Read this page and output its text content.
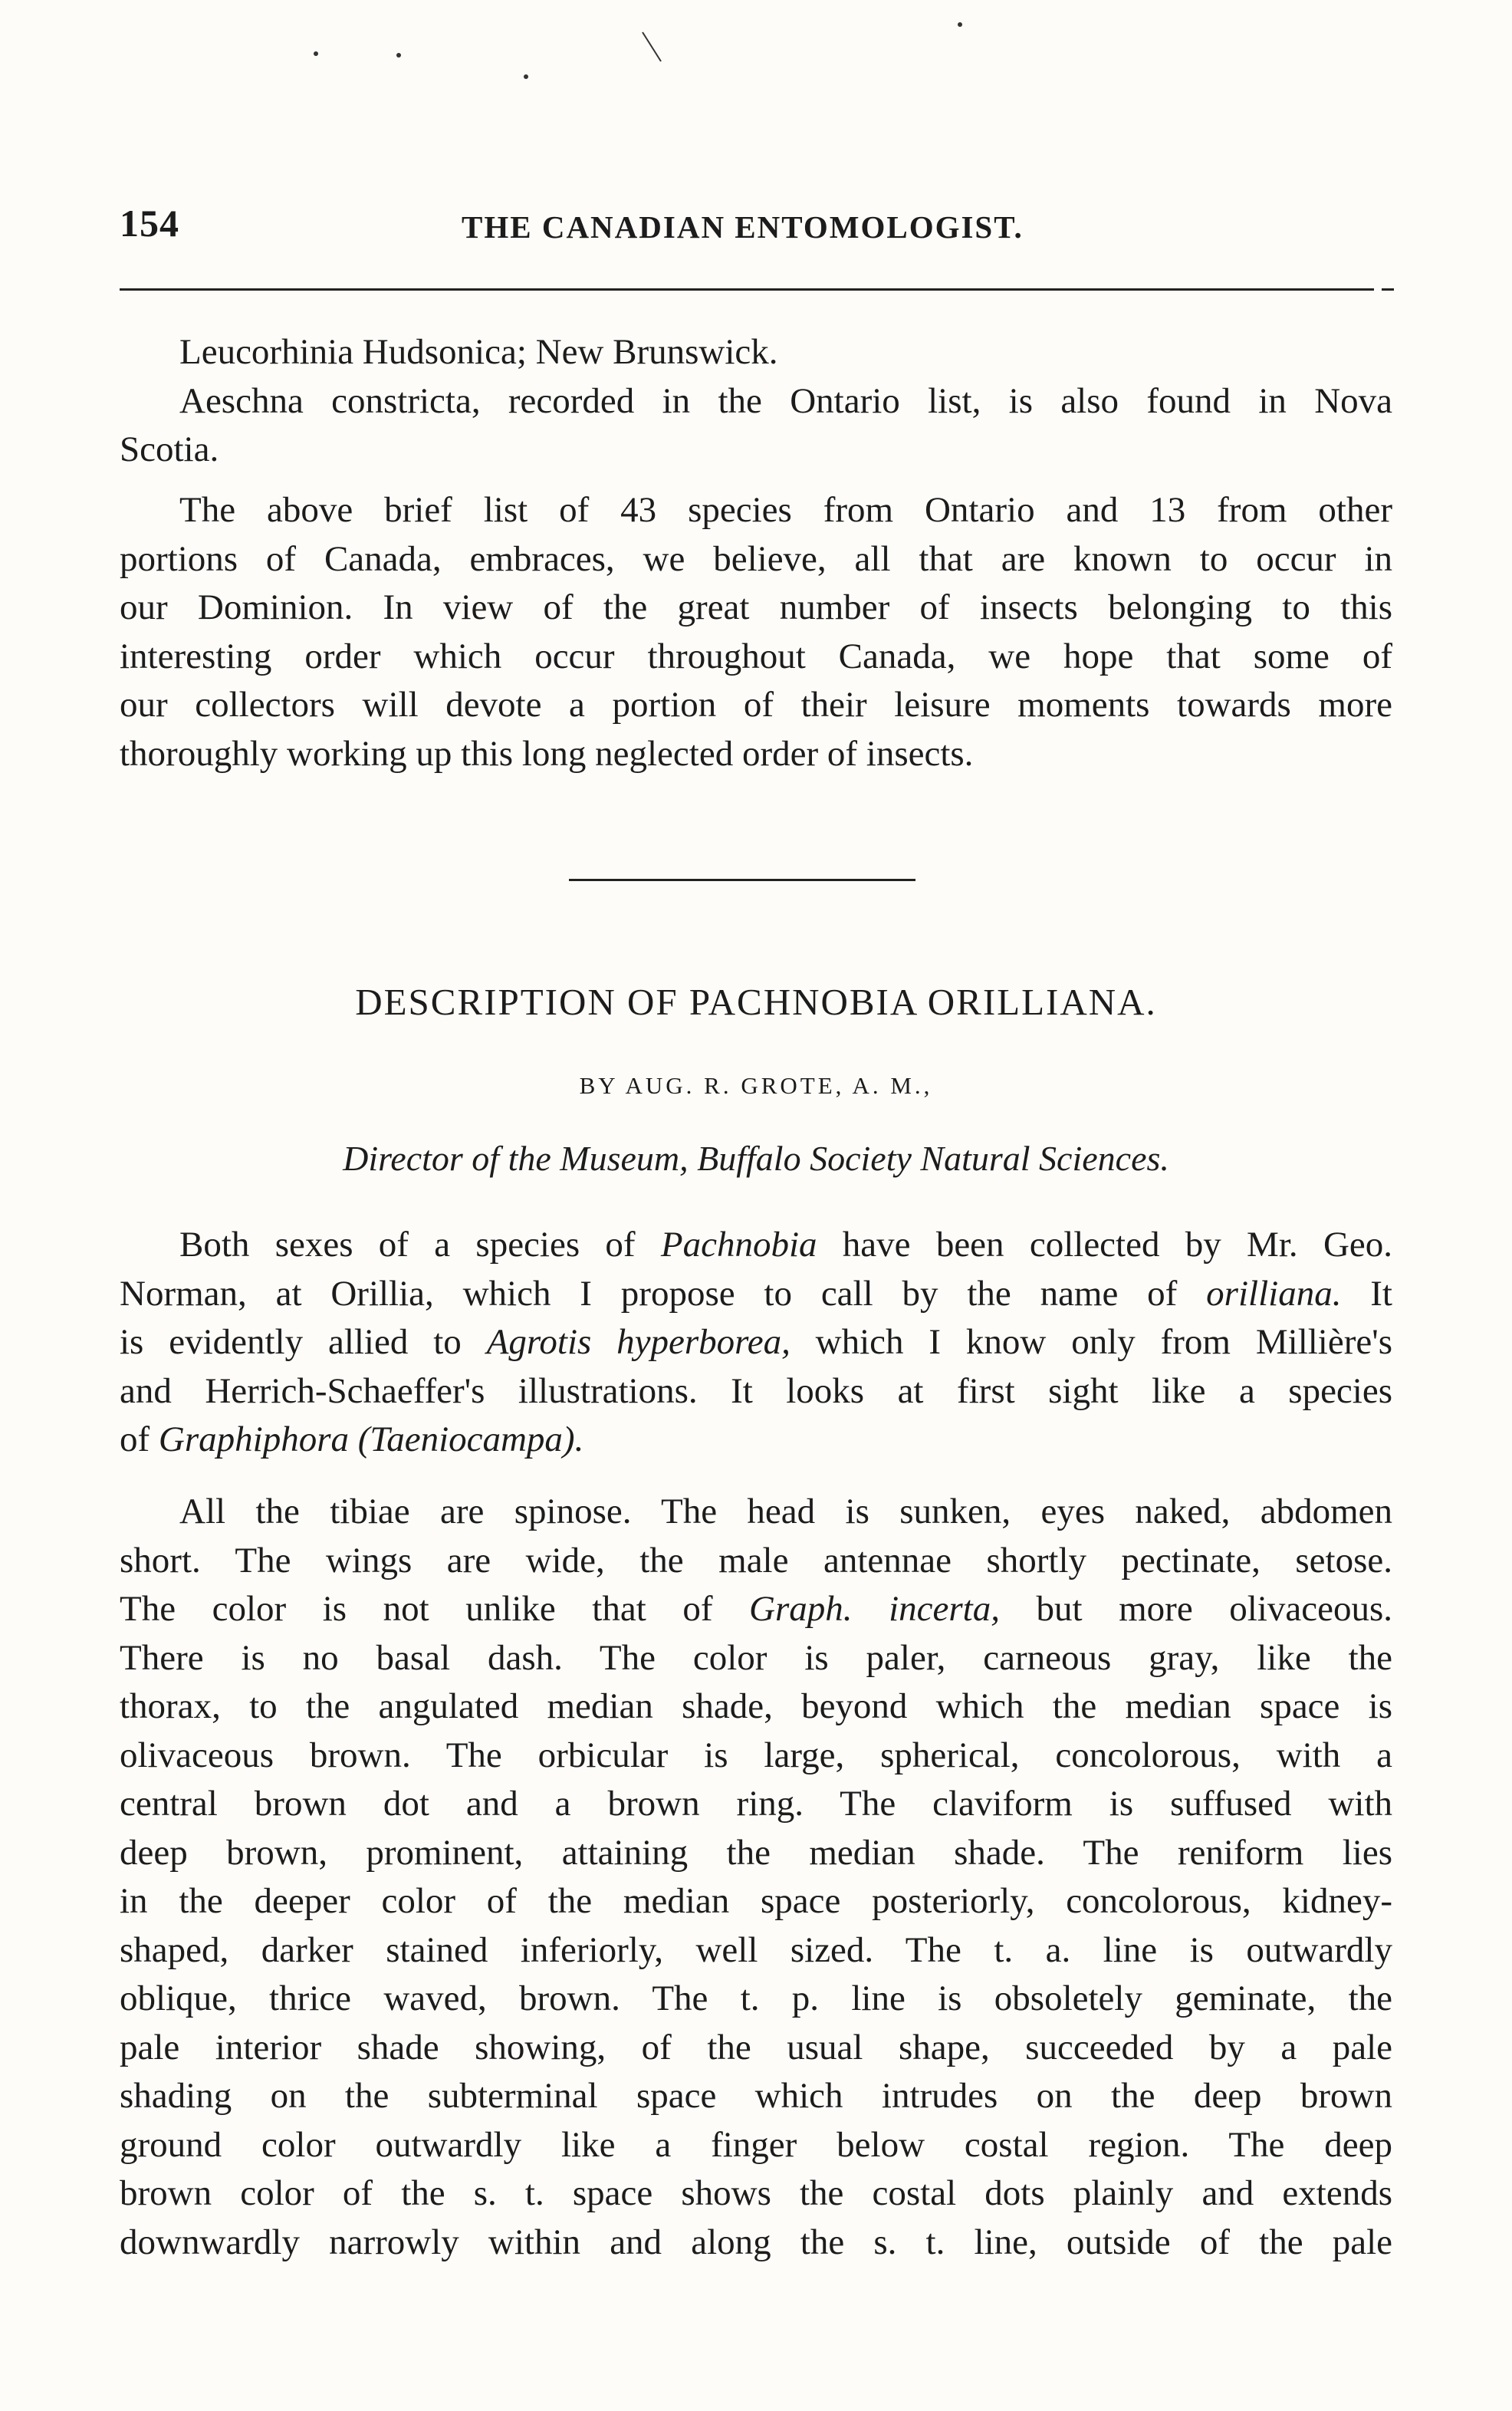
154	THE CANADIAN ENTOMOLOGIST.
Leucorhinia Hudsonica; New Brunswick.
Aeschna constricta, recorded in the Ontario list, is also found in Nova
Scotia.
The above brief list of 43 species from Ontario and 13 from other
portions of Canada, embraces, we believe, all that are known to occur in
our Dominion. In view of the great number of insects belonging to this
interesting order which occur throughout Canada, we hope that some of
our collectors will devote a portion of their leisure moments towards more
thoroughly working up this long neglected order of insects.
DESCRIPTION OF PACHNOBIA ORILLIANA.
BY AUG. R. GROTE, A. M.,
Director of the Museum, Buffalo Society Natural Sciences.
Both sexes of a species of Pachnobia have been collected by Mr. Geo.
Norman, at Orillia, which I propose to call by the name of orilliana. It
is evidently allied to Agrotis hyperborea, which I know only from Millière's
and Herrich-Schaeffer's illustrations. It looks at first sight like a species
of Graphiphora (Taeniocampa).
All the tibiae are spinose. The head is sunken, eyes naked, abdomen
short. The wings are wide, the male antennae shortly pectinate, setose.
The color is not unlike that of Graph. incerta, but more olivaceous.
There is no basal dash. The color is paler, carneous gray, like the
thorax, to the angulated median shade, beyond which the median space is
olivaceous brown. The orbicular is large, spherical, concolorous, with a
central brown dot and a brown ring. The claviform is suffused with
deep brown, prominent, attaining the median shade. The reniform lies
in the deeper color of the median space posteriorly, concolorous, kidney-
shaped, darker stained inferiorly, well sized. The t. a. line is outwardly
oblique, thrice waved, brown. The t. p. line is obsoletely geminate, the
pale interior shade showing, of the usual shape, succeeded by a pale
shading on the subterminal space which intrudes on the deep brown
ground color outwardly like a finger below costal region. The deep
brown color of the s. t. space shows the costal dots plainly and extends
downwardly narrowly within and along the s. t. line, outside of the pale
